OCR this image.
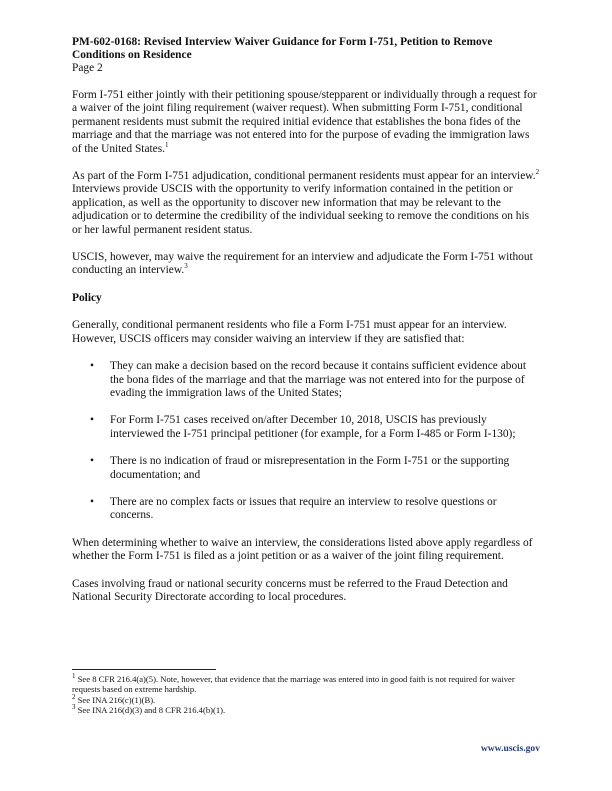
PM-602-0168: Revised Interview Waiver Guidance for Form I-751, Petition to Remove Conditions on Residence

Page 2

Form I-751 either jointly with their petitioning spouse/stepparent or individually through a request for a waiver of the joint filing requirement (waiver request). When submitting Form I-751, conditional permanent residents must submit the required initial evidence that establishes the bona fides of the marriage and that the marriage was not entered into for the purpose of evading the immigration laws of the United States.$^1$

As part of the Form I-751 adjudication, conditional permanent residents must appear for an interview.$^2$ Interviews provide USCIS with the opportunity to verify information contained in the petition or application, as well as the opportunity to discover new information that may be relevant to the adjudication or to determine the credibility of the individual seeking to remove the conditions on his or her lawful permanent resident status.

USCIS, however, may waive the requirement for an interview and adjudicate the Form I-751 without conducting an interview.$^3$

Policy

Generally, conditional permanent residents who file a Form I-751 must appear for an interview. However, USCIS officers may consider waiving an interview if they are satisfied that:

• They can make a decision based on the record because it contains sufficient evidence about the bona fides of the marriage and that the marriage was not entered into for the purpose of evading the immigration laws of the United States;
• For Form I-751 cases received on/after December 10, 2018, USCIS has previously interviewed the I-751 principal petitioner (for example, for a Form I-485 or Form I-130);
• There is no indication of fraud or misrepresentation in the Form I-751 or the supporting documentation; and
• There are no complex facts or issues that require an interview to resolve questions or concerns.

When determining whether to waive an interview, the considerations listed above apply regardless of whether the Form I-751 is filed as a joint petition or as a waiver of the joint filing requirement.

Cases involving fraud or national security concerns must be referred to the Fraud Detection and National Security Directorate according to local procedures.

$^1$ See 8 CFR 216.4(a)(5). Note, however, that evidence that the marriage was entered into in good faith is not required for waiver requests based on extreme hardship.

$^2$ See INA 216(c)(1)(B).

$^3$ See INA 216(d)(3) and 8 CFR 216.4(b)(1).

www.uscis.gov
